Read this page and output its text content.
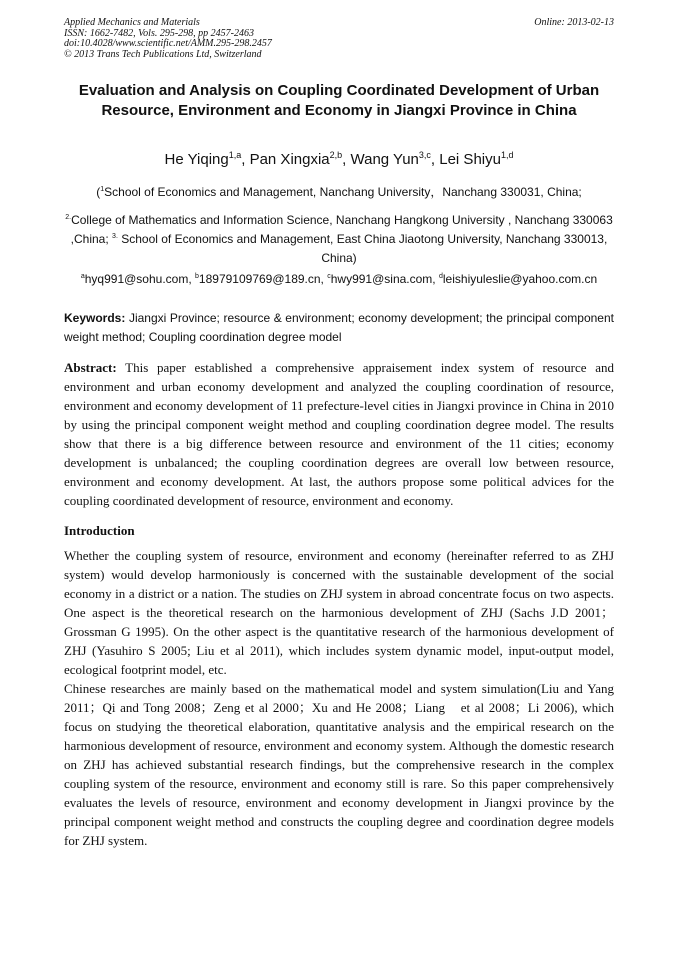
Applied Mechanics and Materials
ISSN: 1662-7482, Vols. 295-298, pp 2457-2463
doi:10.4028/www.scientific.net/AMM.295-298.2457
© 2013 Trans Tech Publications Ltd, Switzerland
Online: 2013-02-13
Evaluation and Analysis on Coupling Coordinated Development of Urban Resource, Environment and Economy in Jiangxi Province in China
He Yiqing$^{1,a}$, Pan Xingxia$^{2,b}$, Wang Yun$^{3,c}$, Lei Shiyu$^{1,d}$
($^1$School of Economics and Management, Nanchang University，Nanchang 330031, China;
$^{2.}$College of Mathematics and Information Science, Nanchang Hangkong University , Nanchang 330063 ,China; $^{3.}$ School of Economics and Management, East China Jiaotong University, Nanchang 330013, China)
$^a$hyq991@sohu.com, $^b$18979109769@189.cn, $^c$hwy991@sina.com, $^d$leishiyuleslie@yahoo.com.cn
Keywords: Jiangxi Province; resource & environment; economy development; the principal component weight method; Coupling coordination degree model
Abstract: This paper established a comprehensive appraisement index system of resource and environment and urban economy development and analyzed the coupling coordination of resource, environment and economy development of 11 prefecture-level cities in Jiangxi province in China in 2010 by using the principal component weight method and coupling coordination degree model. The results show that there is a big difference between resource and environment of the 11 cities; economy development is unbalanced; the coupling coordination degrees are overall low between resource, environment and economy development. At last, the authors propose some political advices for the coupling coordinated development of resource, environment and economy.
Introduction
Whether the coupling system of resource, environment and economy (hereinafter referred to as ZHJ system) would develop harmoniously is concerned with the sustainable development of the social economy in a district or a nation. The studies on ZHJ system in abroad concentrate focus on two aspects. One aspect is the theoretical research on the harmonious development of ZHJ (Sachs J.D 2001；Grossman G 1995). On the other aspect is the quantitative research of the harmonious development of ZHJ (Yasuhiro S 2005; Liu et al 2011), which includes system dynamic model, input-output model, ecological footprint model, etc.
Chinese researches are mainly based on the mathematical model and system simulation(Liu and Yang 2011；Qi and Tong 2008；Zeng et al 2000；Xu and He 2008；Liang　et al 2008；Li 2006), which focus on studying the theoretical elaboration, quantitative analysis and the empirical research on the harmonious development of resource, environment and economy system. Although the domestic research on ZHJ has achieved substantial research findings, but the comprehensive research in the complex coupling system of the resource, environment and economy still is rare. So this paper comprehensively evaluates the levels of resource, environment and economy development in Jiangxi province by the principal component weight method and constructs the coupling degree and coordination degree models for ZHJ system.
